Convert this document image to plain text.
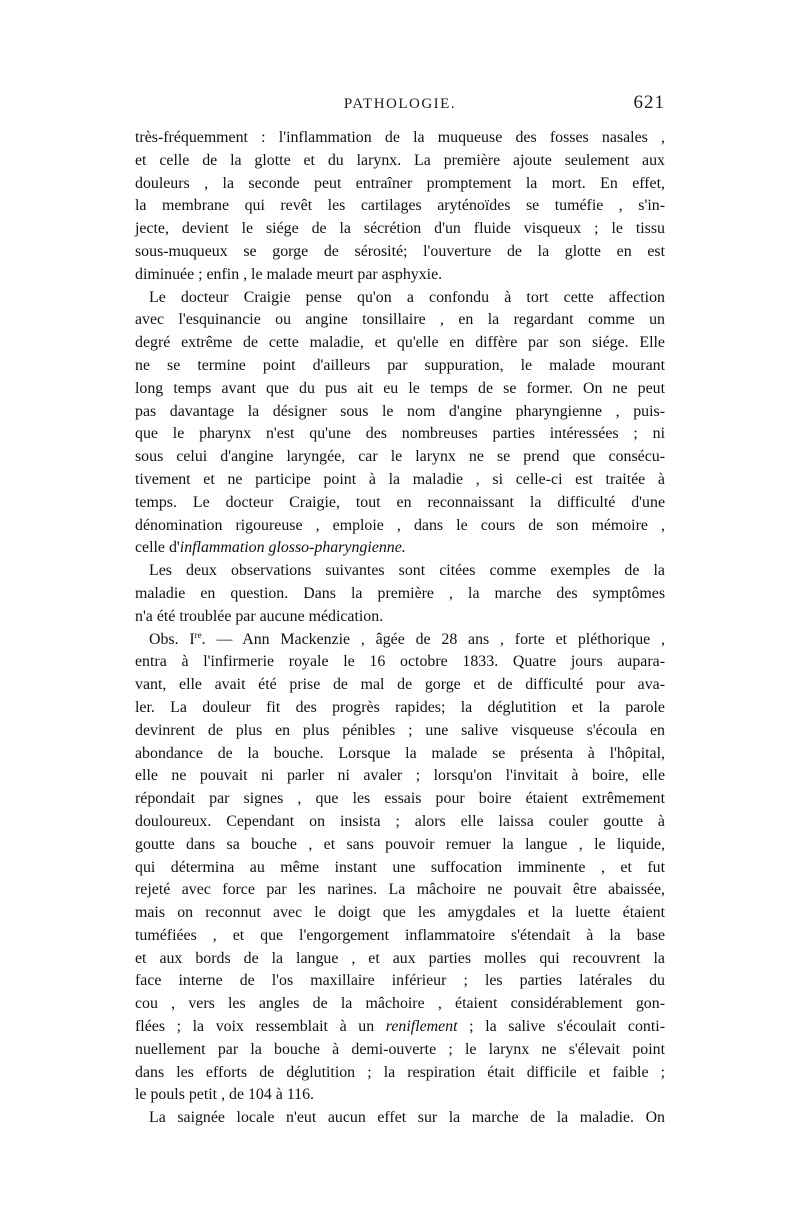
PATHOLOGIE.	621
très-fréquemment : l'inflammation de la muqueuse des fosses nasales ,
et celle de la glotte et du larynx. La première ajoute seulement aux
douleurs , la seconde peut entraîner promptement la mort. En effet,
la membrane qui revêt les cartilages aryténoïdes se tuméfie , s'in-
jecte, devient le siége de la sécrétion d'un fluide visqueux ; le tissu
sous-muqueux se gorge de sérosité; l'ouverture de la glotte en est
diminuée ; enfin , le malade meurt par asphyxie.
Le docteur Craigie pense qu'on a confondu à tort cette affection
avec l'esquinancie ou angine tonsillaire , en la regardant comme un
degré extrême de cette maladie, et qu'elle en diffère par son siége. Elle
ne se termine point d'ailleurs par suppuration, le malade mourant
long temps avant que du pus ait eu le temps de se former. On ne peut
pas davantage la désigner sous le nom d'angine pharyngienne , puis-
que le pharynx n'est qu'une des nombreuses parties intéressées ; ni
sous celui d'angine laryngée, car le larynx ne se prend que consécu-
tivement et ne participe point à la maladie , si celle-ci est traitée à
temps. Le docteur Craigie, tout en reconnaissant la difficulté d'une
dénomination rigoureuse , emploie , dans le cours de son mémoire ,
celle d'inflammation glosso-pharyngienne.
Les deux observations suivantes sont citées comme exemples de la
maladie en question. Dans la première , la marche des symptômes
n'a été troublée par aucune médication.
Obs. Ire. — Ann Mackenzie , âgée de 28 ans , forte et pléthorique ,
entra à l'infirmerie royale le 16 octobre 1833. Quatre jours aupara-
vant, elle avait été prise de mal de gorge et de difficulté pour ava-
ler. La douleur fit des progrès rapides; la déglutition et la parole
devinrent de plus en plus pénibles ; une salive visqueuse s'écoula en
abondance de la bouche. Lorsque la malade se présenta à l'hôpital,
elle ne pouvait ni parler ni avaler ; lorsqu'on l'invitait à boire, elle
répondait par signes , que les essais pour boire étaient extrêmement
douloureux. Cependant on insista ; alors elle laissa couler goutte à
goutte dans sa bouche , et sans pouvoir remuer la langue , le liquide,
qui détermina au même instant une suffocation imminente , et fut
rejeté avec force par les narines. La mâchoire ne pouvait être abaissée,
mais on reconnut avec le doigt que les amygdales et la luette étaient
tuméfiées , et que l'engorgement inflammatoire s'étendait à la base
et aux bords de la langue , et aux parties molles qui recouvrent la
face interne de l'os maxillaire inférieur ; les parties latérales du
cou , vers les angles de la mâchoire , étaient considérablement gon-
flées ; la voix ressemblait à un reniflement ; la salive s'écoulait conti-
nuellement par la bouche à demi-ouverte ; le larynx ne s'élevait point
dans les efforts de déglutition ; la respiration était difficile et faible ;
le pouls petit , de 104 à 116.
La saignée locale n'eut aucun effet sur la marche de la maladie. On
